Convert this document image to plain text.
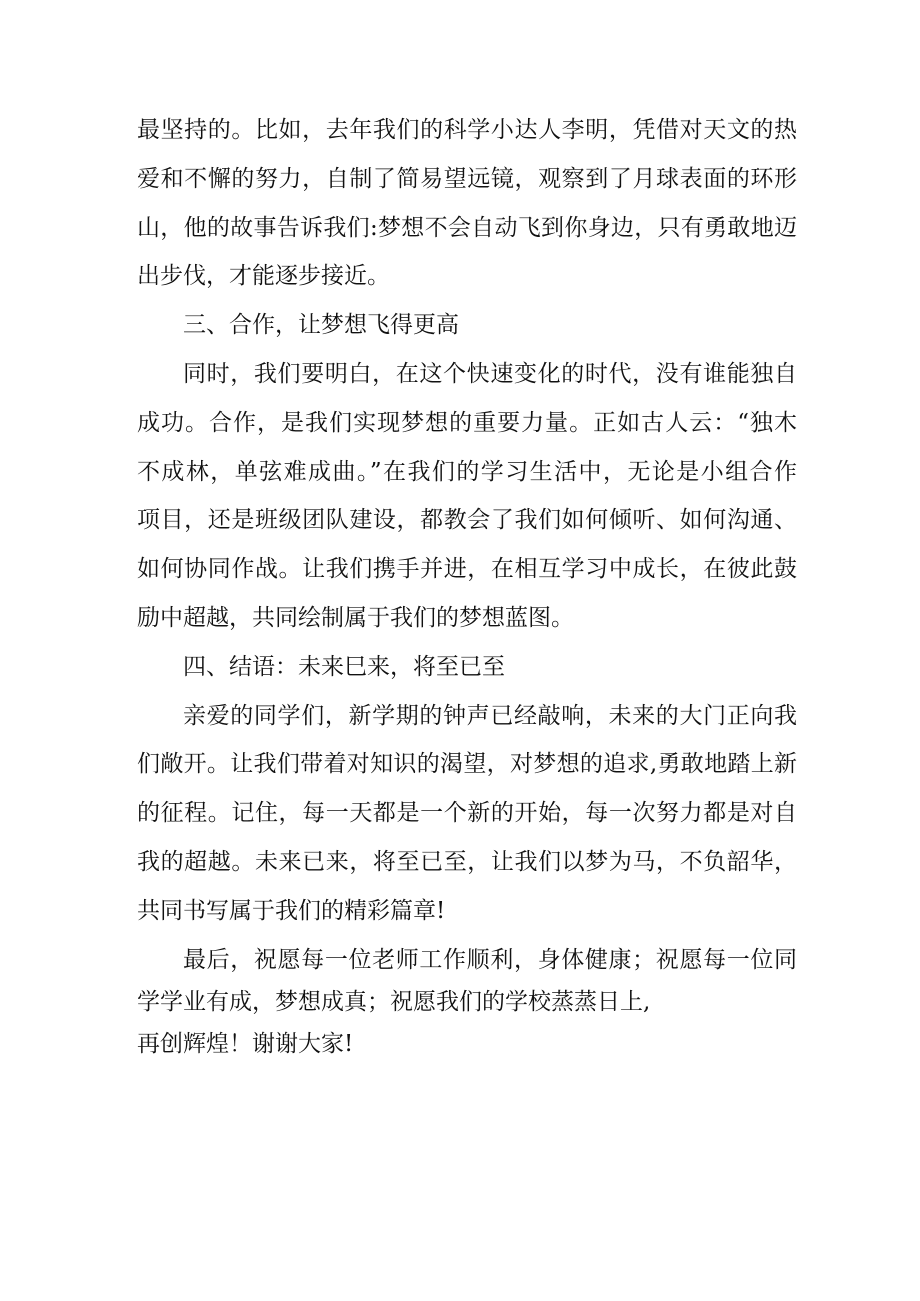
最坚持的。比如，去年我们的科学小达人李明，凭借对天文的热
爱和不懈的努力，自制了简易望远镜，观察到了月球表面的环形
山，他的故事告诉我们:梦想不会自动飞到你身边，只有勇敢地迈
出步伐，才能逐步接近。
三、合作，让梦想飞得更高
同时，我们要明白，在这个快速变化的时代，没有谁能独自
成功。合作，是我们实现梦想的重要力量。正如古人云：“独木
不成林，单弦难成曲。”在我们的学习生活中，无论是小组合作
项目，还是班级团队建设，都教会了我们如何倾听、如何沟通、
如何协同作战。让我们携手并进，在相互学习中成长，在彼此鼓
励中超越，共同绘制属于我们的梦想蓝图。
四、结语：未来巳来，将至已至
亲爱的同学们，新学期的钟声已经敲响，未来的大门正向我
们敞开。让我们带着对知识的渴望，对梦想的追求,勇敢地踏上新
的征程。记住，每一天都是一个新的开始，每一次努力都是对自
我的超越。未来已来，将至已至，让我们以梦为马，不负韶华，
共同书写属于我们的精彩篇章!
最后，祝愿每一位老师工作顺利，身体健康；祝愿每一位同
学学业有成，梦想成真；祝愿我们的学校蒸蒸日上,
再创辉煌！谢谢大家!
